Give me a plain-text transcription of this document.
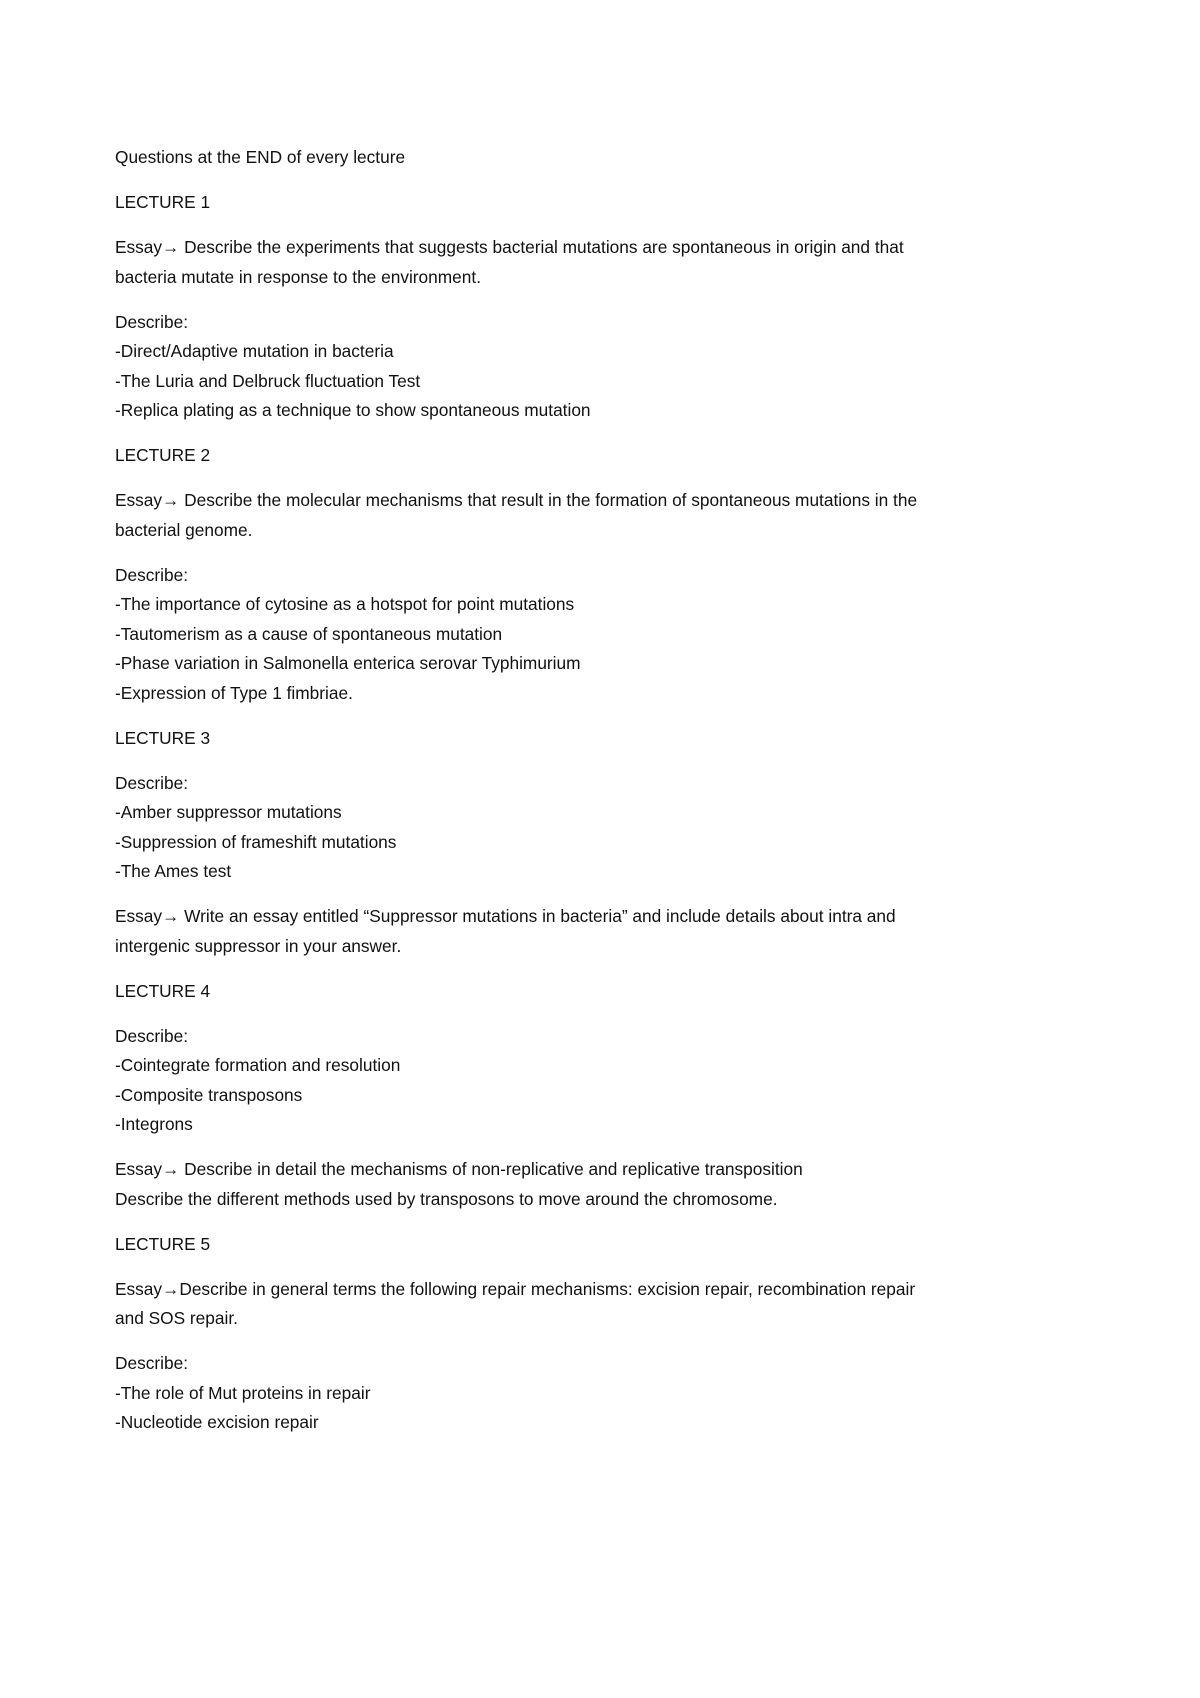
Questions at the END of every lecture

LECTURE 1

Essay→ Describe the experiments that suggests bacterial mutations are spontaneous in origin and that
bacteria mutate in response to the environment.

Describe:
-Direct/Adaptive mutation in bacteria
-The Luria and Delbruck fluctuation Test
-Replica plating as a technique to show spontaneous mutation

LECTURE 2

Essay→ Describe the molecular mechanisms that result in the formation of spontaneous mutations in the
bacterial genome.

Describe:
-The importance of cytosine as a hotspot for point mutations
-Tautomerism as a cause of spontaneous mutation
-Phase variation in Salmonella enterica serovar Typhimurium
-Expression of Type 1 fimbriae.

LECTURE 3

Describe:
-Amber suppressor mutations
-Suppression of frameshift mutations
-The Ames test

Essay→ Write an essay entitled “Suppressor mutations in bacteria” and include details about intra and
intergenic suppressor in your answer.

LECTURE 4

Describe:
-Cointegrate formation and resolution
-Composite transposons
-Integrons

Essay→ Describe in detail the mechanisms of non-replicative and replicative transposition
Describe the different methods used by transposons to move around the chromosome.

LECTURE 5

Essay→Describe in general terms the following repair mechanisms: excision repair, recombination repair
and SOS repair.

Describe:
-The role of Mut proteins in repair
-Nucleotide excision repair
